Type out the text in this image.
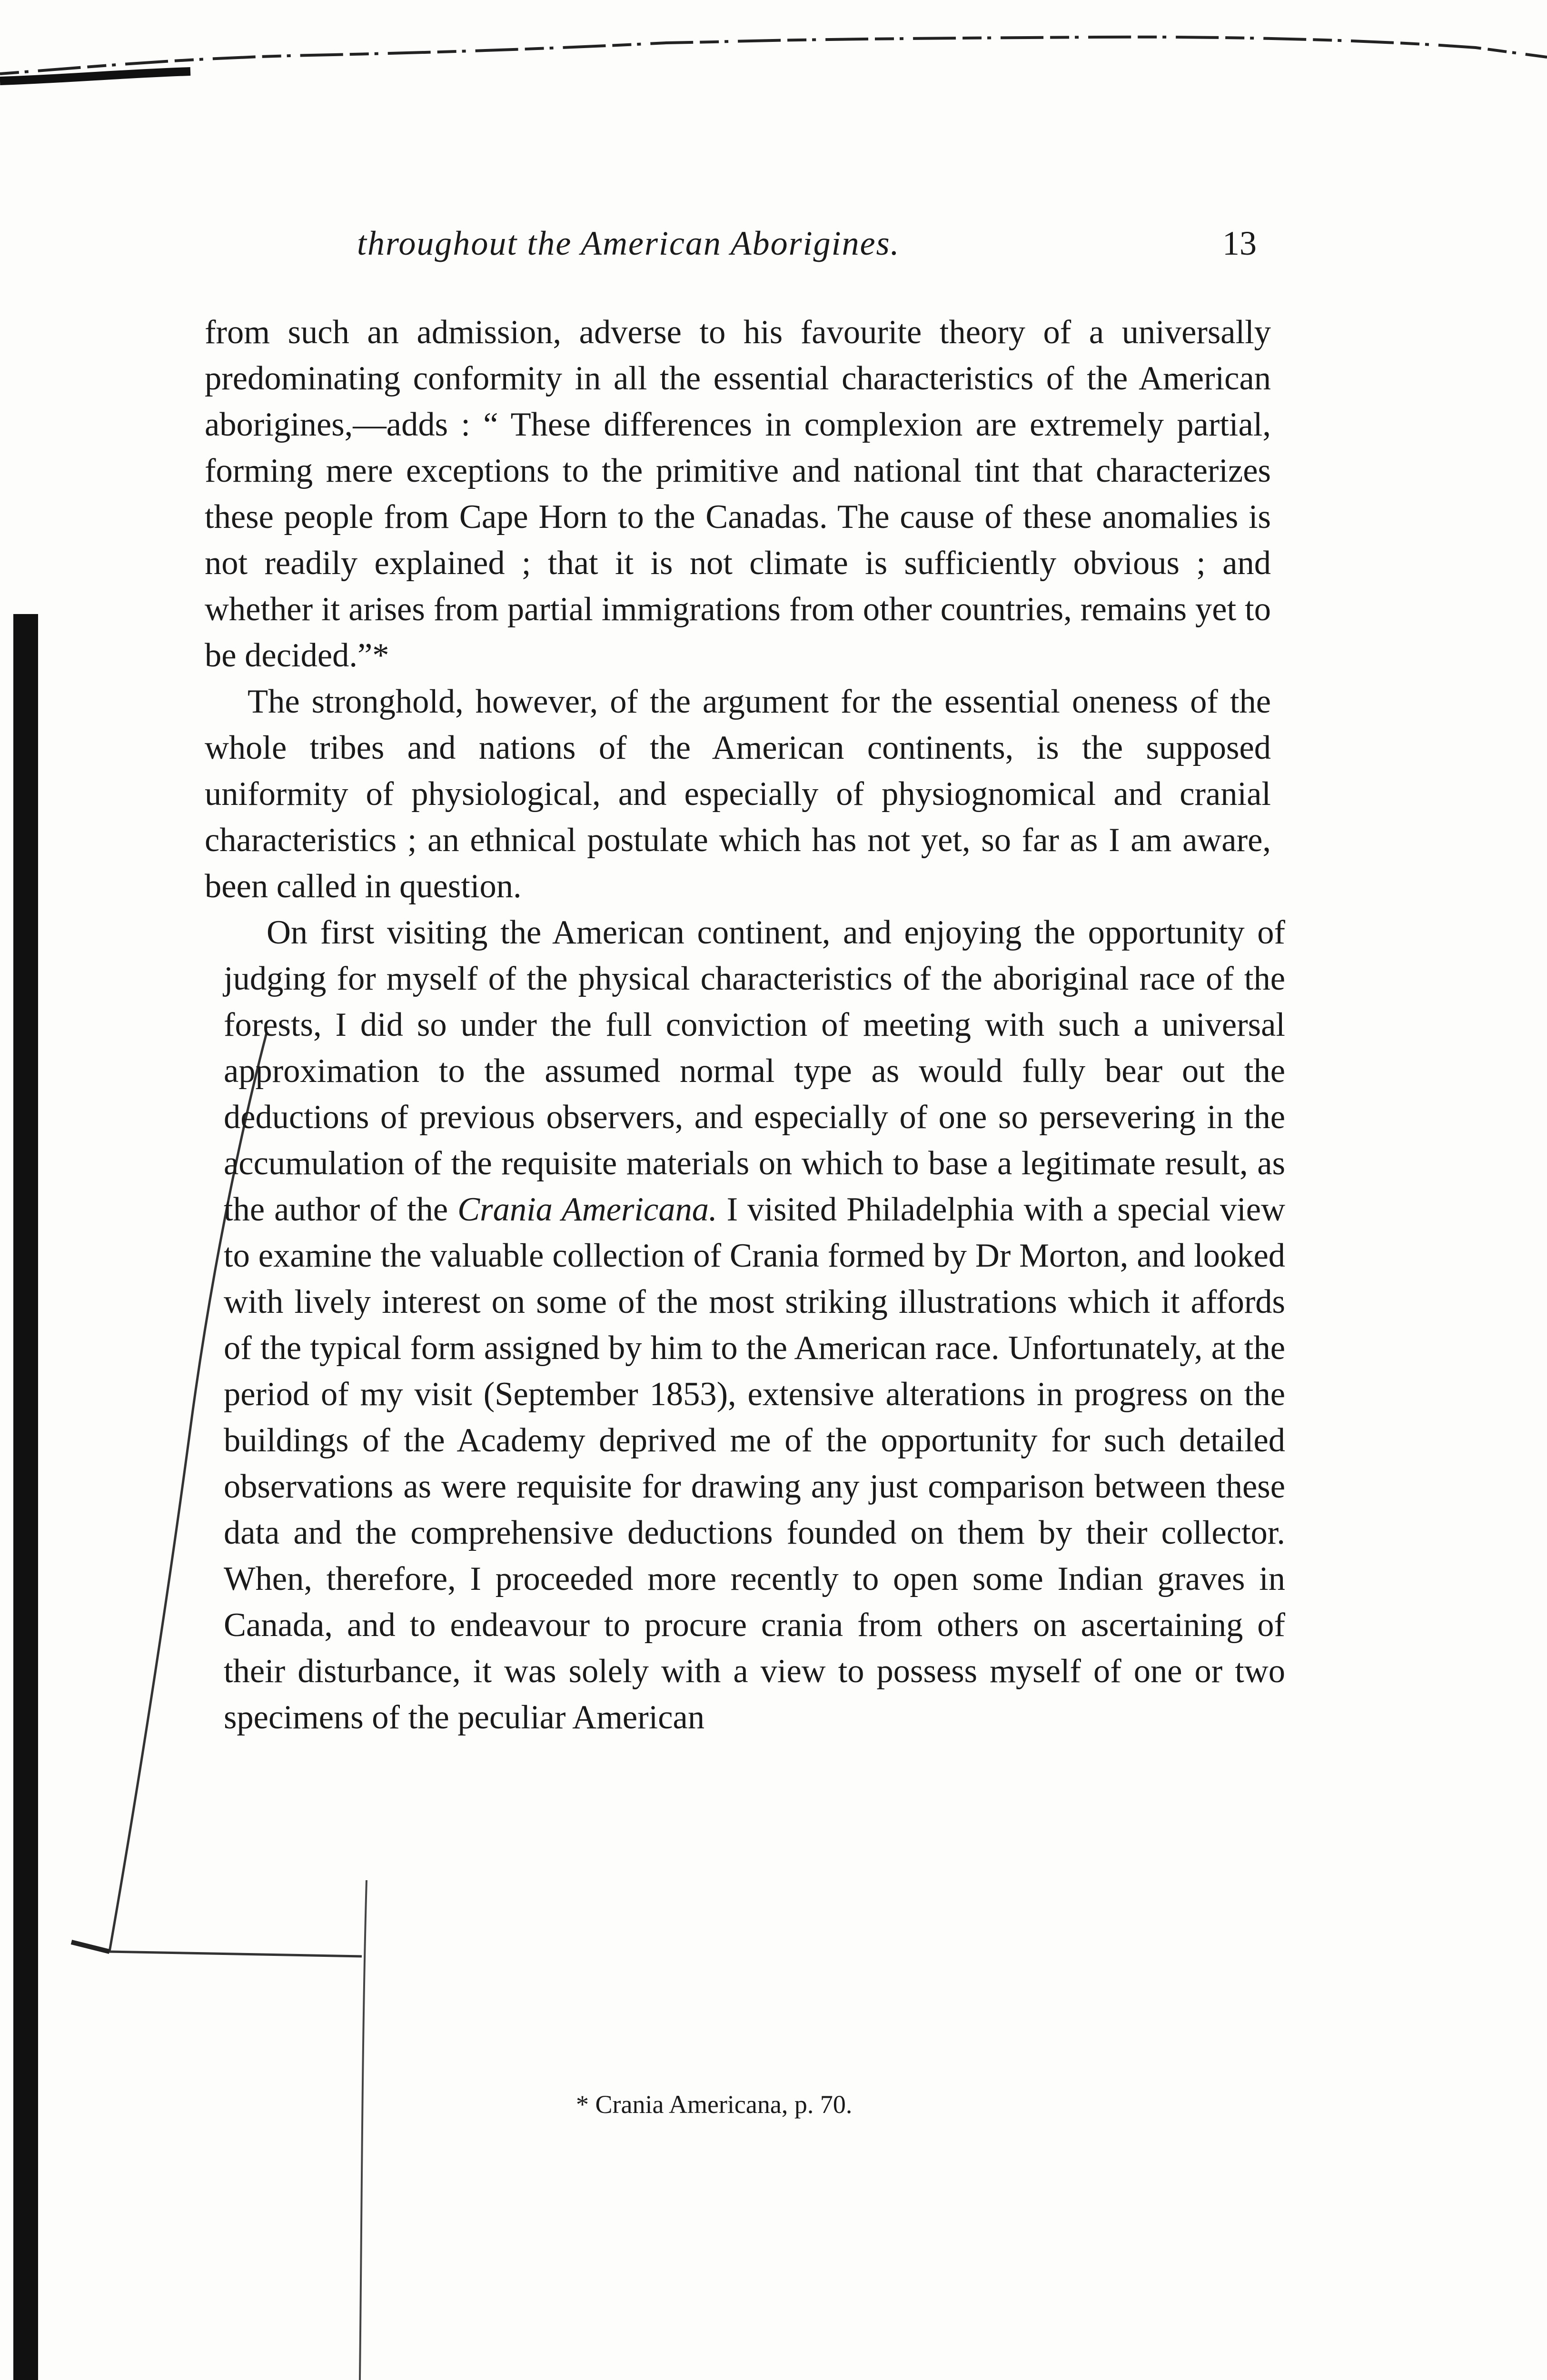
throughout the American Aborigines.	13

from such an admission, adverse to his favourite theory of a universally predominating conformity in all the essential characteristics of the American aborigines,—adds : “ These differences in complexion are extremely partial, forming mere exceptions to the primitive and national tint that characterizes these people from Cape Horn to the Canadas. The cause of these anomalies is not readily explained ; that it is not climate is sufficiently obvious ; and whether it arises from partial immigrations from other countries, remains yet to be decided.”*

The stronghold, however, of the argument for the essential oneness of the whole tribes and nations of the American continents, is the supposed uniformity of physiological, and especially of physiognomical and cranial characteristics ; an ethnical postulate which has not yet, so far as I am aware, been called in question.

On first visiting the American continent, and enjoying the opportunity of judging for myself of the physical characteristics of the aboriginal race of the forests, I did so under the full conviction of meeting with such a universal approximation to the assumed normal type as would fully bear out the deductions of previous observers, and especially of one so persevering in the accumulation of the requisite materials on which to base a legitimate result, as the author of the Crania Americana. I visited Philadelphia with a special view to examine the valuable collection of Crania formed by Dr Morton, and looked with lively interest on some of the most striking illustrations which it affords of the typical form assigned by him to the American race. Unfortunately, at the period of my visit (September 1853), extensive alterations in progress on the buildings of the Academy deprived me of the opportunity for such detailed observations as were requisite for drawing any just comparison between these data and the comprehensive deductions founded on them by their collector. When, therefore, I proceeded more recently to open some Indian graves in Canada, and to endeavour to procure crania from others on ascertaining of their disturbance, it was solely with a view to possess myself of one or two specimens of the peculiar American

* Crania Americana, p. 70.
